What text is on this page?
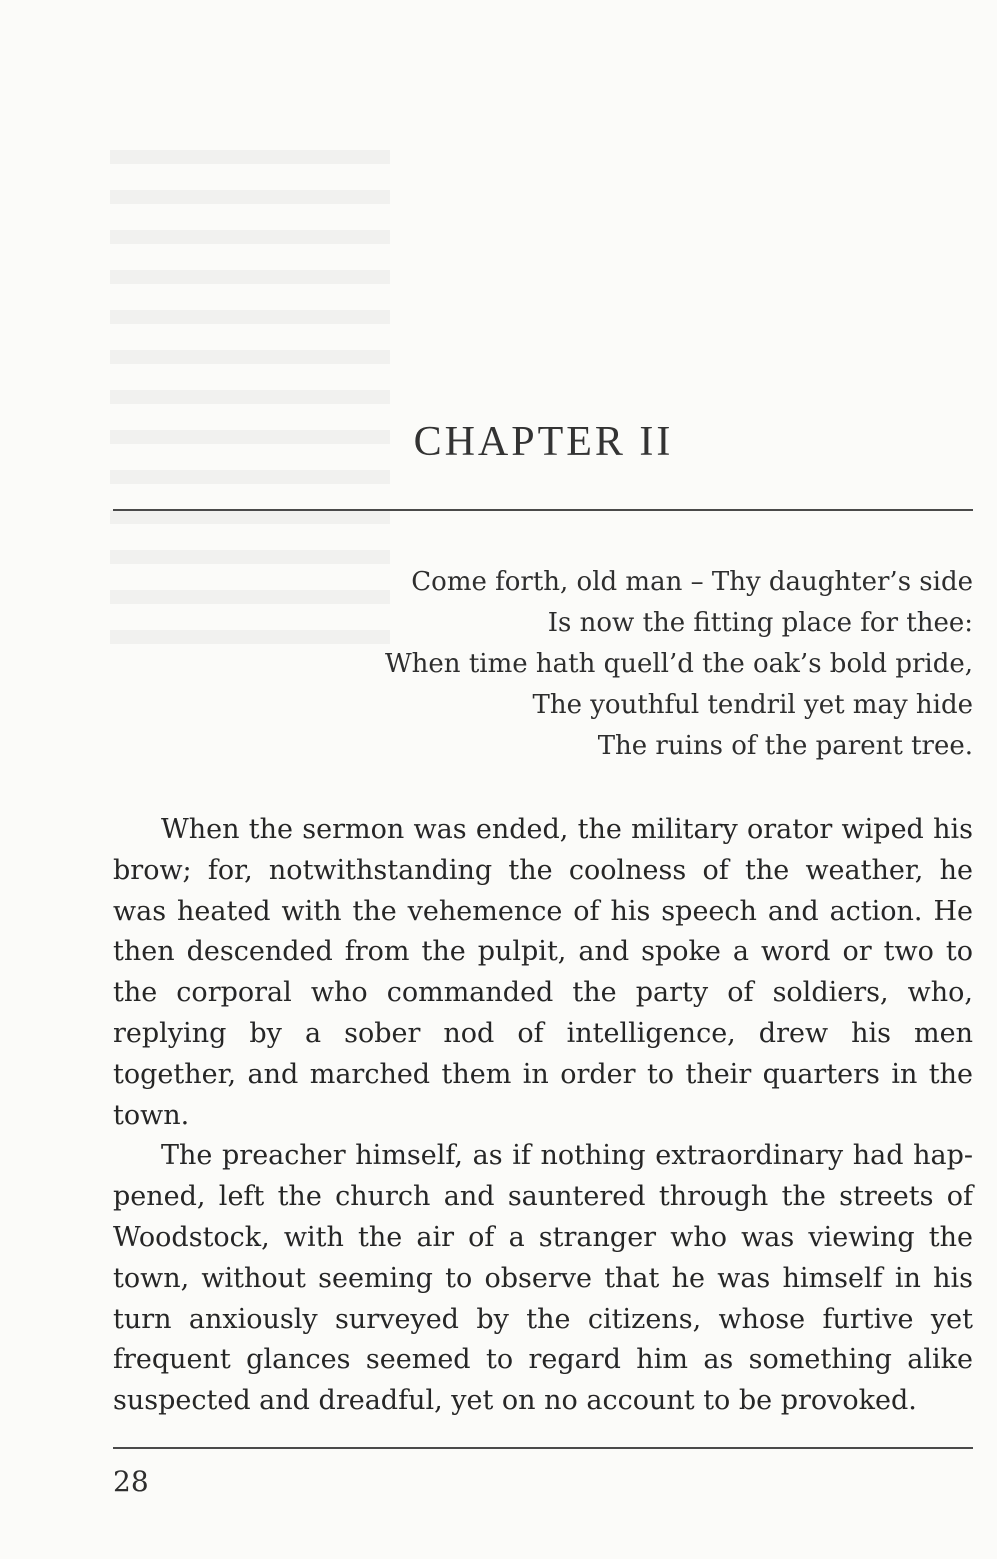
CHAPTER II
Come forth, old man – Thy daughter’s side
Is now the fitting place for thee:
When time hath quell’d the oak’s bold pride,
The youthful tendril yet may hide
The ruins of the parent tree.

When the sermon was ended, the military orator wiped his brow; for, notwithstanding the coolness of the weather, he was heated with the vehemence of his speech and action. He then descended from the pulpit, and spoke a word or two to the corporal who commanded the party of soldiers, who, replying by a sober nod of intelligence, drew his men together, and marched them in order to their quarters in the town.

The preacher himself, as if nothing extraordinary had happened, left the church and sauntered through the streets of Woodstock, with the air of a stranger who was viewing the town, without seeming to observe that he was himself in his turn anxiously surveyed by the citizens, whose furtive yet frequent glances seemed to regard him as something alike suspected and dreadful, yet on no account to be provoked.

28
